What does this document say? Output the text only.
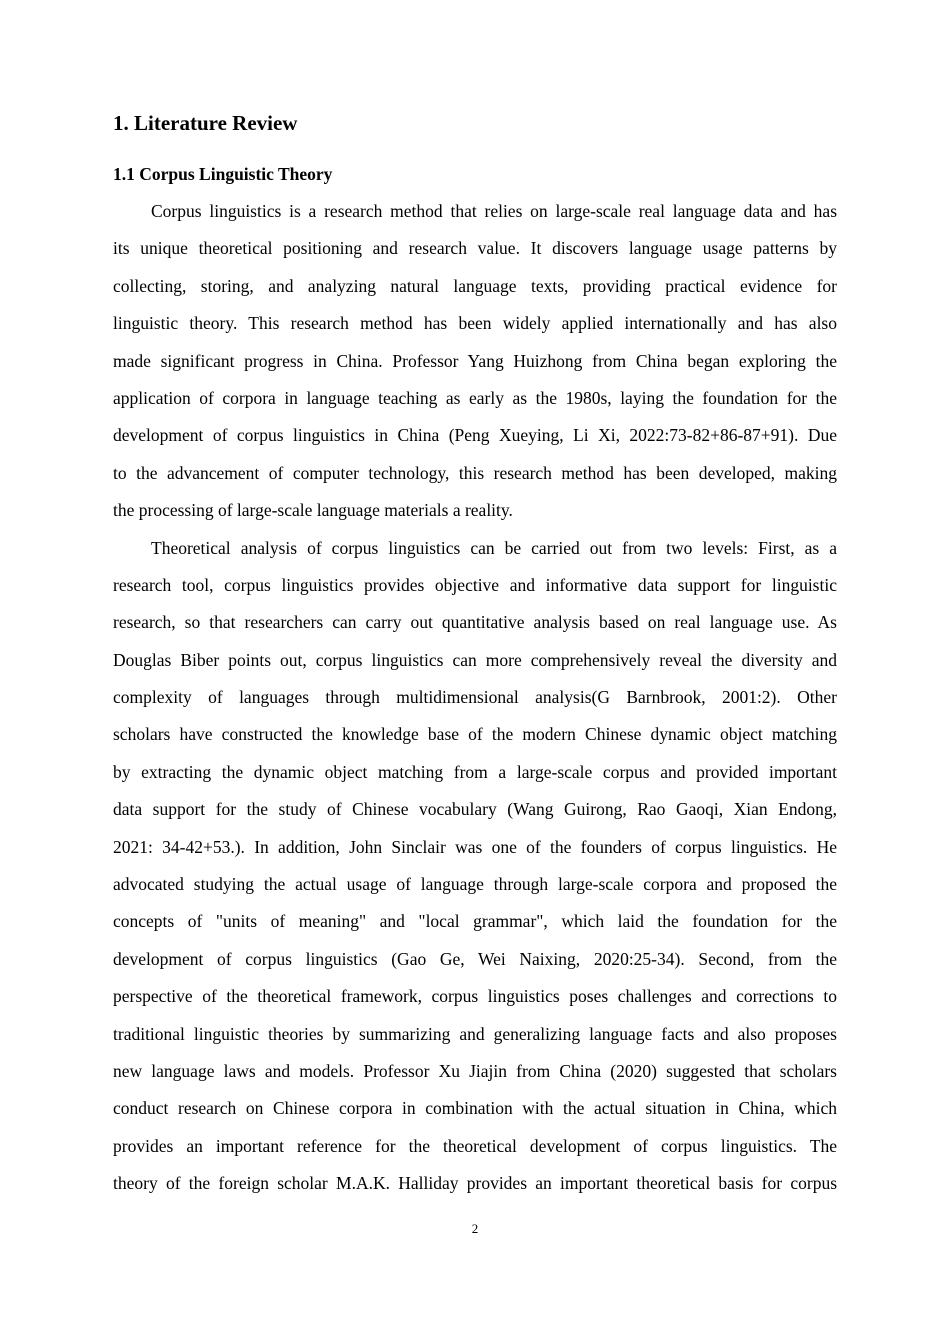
1. Literature Review
1.1 Corpus Linguistic Theory
Corpus linguistics is a research method that relies on large-scale real language data and has
its unique theoretical positioning and research value. It discovers language usage patterns by
collecting, storing, and analyzing natural language texts, providing practical evidence for
linguistic theory. This research method has been widely applied internationally and has also
made significant progress in China. Professor Yang Huizhong from China began exploring the
application of corpora in language teaching as early as the 1980s, laying the foundation for the
development of corpus linguistics in China (Peng Xueying, Li Xi, 2022:73-82+86-87+91). Due
to the advancement of computer technology, this research method has been developed, making
the processing of large-scale language materials a reality.
Theoretical analysis of corpus linguistics can be carried out from two levels: First, as a
research tool, corpus linguistics provides objective and informative data support for linguistic
research, so that researchers can carry out quantitative analysis based on real language use. As
Douglas Biber points out, corpus linguistics can more comprehensively reveal the diversity and
complexity of languages through multidimensional analysis(G Barnbrook, 2001:2). Other
scholars have constructed the knowledge base of the modern Chinese dynamic object matching
by extracting the dynamic object matching from a large-scale corpus and provided important
data support for the study of Chinese vocabulary (Wang Guirong, Rao Gaoqi, Xian Endong,
2021: 34-42+53.). In addition, John Sinclair was one of the founders of corpus linguistics. He
advocated studying the actual usage of language through large-scale corpora and proposed the
concepts of "units of meaning" and "local grammar", which laid the foundation for the
development of corpus linguistics (Gao Ge, Wei Naixing, 2020:25-34). Second, from the
perspective of the theoretical framework, corpus linguistics poses challenges and corrections to
traditional linguistic theories by summarizing and generalizing language facts and also proposes
new language laws and models. Professor Xu Jiajin from China (2020) suggested that scholars
conduct research on Chinese corpora in combination with the actual situation in China, which
provides an important reference for the theoretical development of corpus linguistics. The
theory of the foreign scholar M.A.K. Halliday provides an important theoretical basis for corpus
2
